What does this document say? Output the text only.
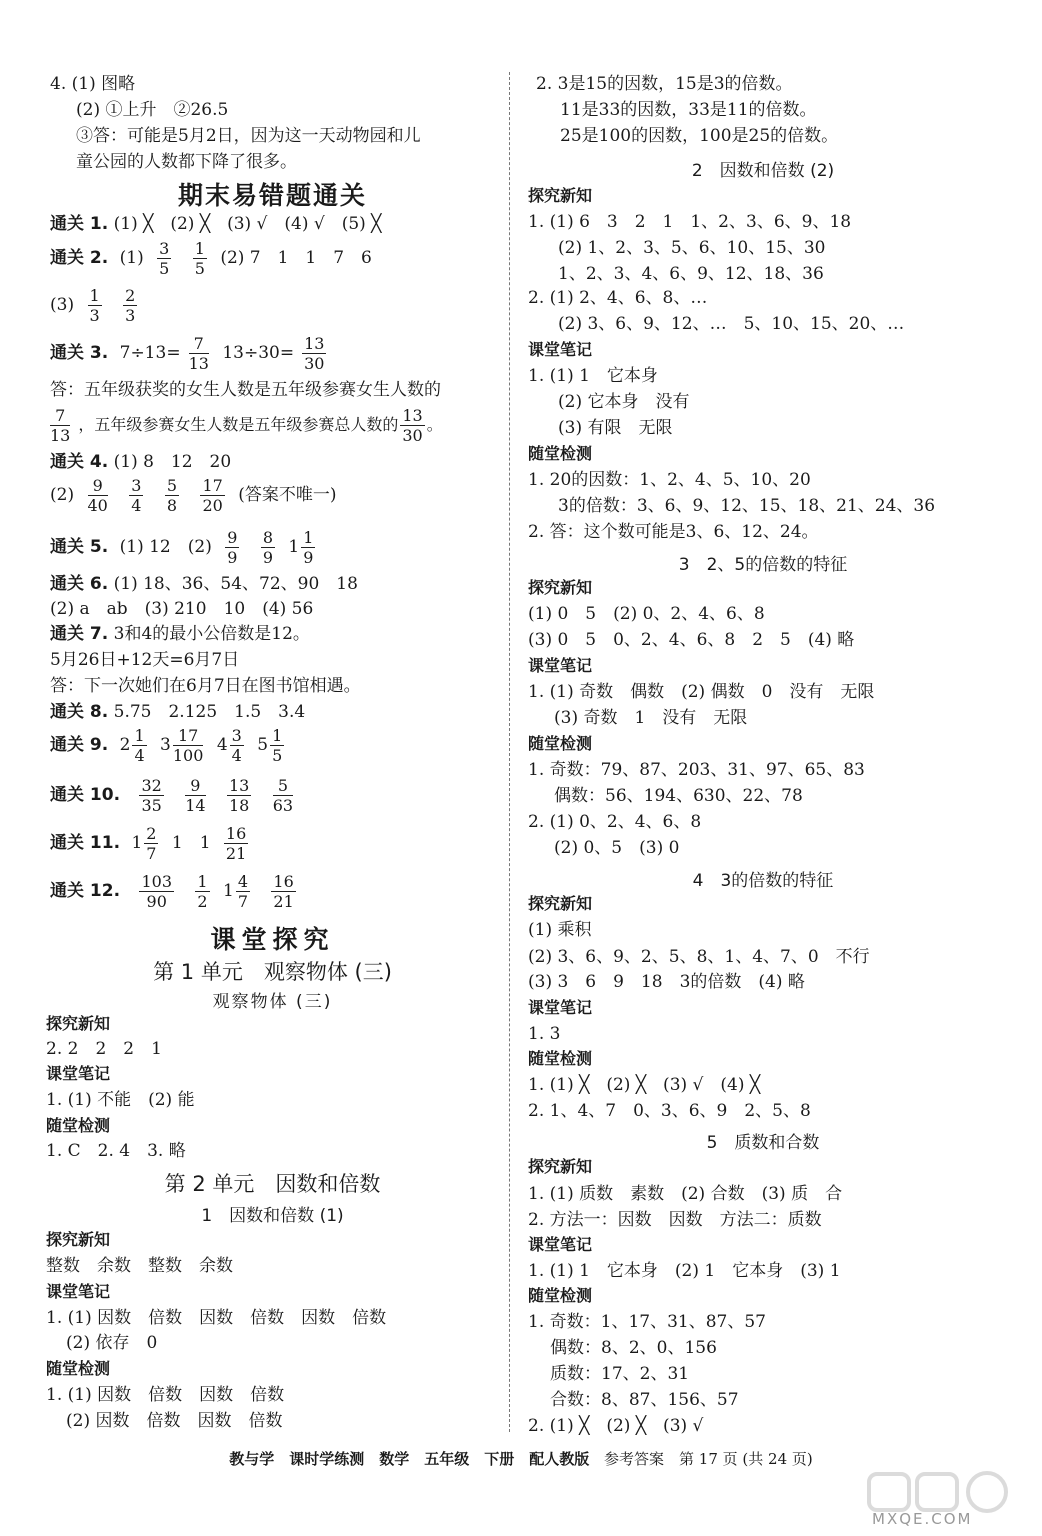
4. (1) 图略
(2) ①上升　②26.5
③答：可能是5月2日，因为这一天动物园和儿
童公园的人数都下降了很多。
期末易错题通关
通关 1. (1) ╳　(2) ╳　(3) √　(4) √　(5) ╳
通关 2. $(1) \frac{3}{5}$
$\frac{1}{5} (2)$ 7　1　1　7　6
$(3) \frac{1}{3}$
$\frac{2}{3}$
通关 3. $7\div 13= \frac{7}{13} 13\div 30= \frac{13}{30}$
答：五年级获奖的女生人数是五年级参赛女生人数的
$\frac{7}{13}$ ，五年级参赛女生人数是五年级参赛总人数的 $\frac{13}{30}$ 。
通关 4. (1) 8　12　20
$(2) \frac{9}{40}$
$\frac{3}{4}$
$\frac{5}{8}$
$\frac{17}{20}$ (答案不唯一)
通关 5. (1) 12　$(2) \frac{9}{9}$
$\frac{8}{9} 1 \frac{1}{9}$
通关 6. (1) 18、36、54、72、90　18
(2) a　ab　(3) 210　10　(4) 56
通关 7. 3和4的最小公倍数是12。
5月26日+12天=6月7日
答：下一次她们在6月7日在图书馆相遇。
通关 8. 5.75　2.125　1.5　3.4
通关 9. $2 \frac{1}{4} 3 \frac{17}{100} 4 \frac{3}{4} 5 \frac{1}{5}$
通关 10. $\frac{32}{35}$
$\frac{9}{14}$
$\frac{13}{18}$
$\frac{5}{63}$
通关 11. $1 \frac{2}{7} 1$　$1 \frac{16}{21}$
通关 12. $\frac{103}{90}$
$\frac{1}{2} 1 \frac{4}{7}$
$\frac{16}{21}$
课堂探究
第 1 单元　观察物体 (三)
观察物体 (三)
探究新知
2. 2　2　2　1
课堂笔记
1. (1) 不能　(2) 能
随堂检测
1. C　2. 4　3. 略
第 2 单元　因数和倍数
1　因数和倍数 (1)
探究新知
整数　余数　整数　余数
课堂笔记
1. (1) 因数　倍数　因数　倍数　因数　倍数
(2) 依存　0
随堂检测
1. (1) 因数　倍数　因数　倍数
(2) 因数　倍数　因数　倍数
2. 3是15的因数，15是3的倍数。
11是33的因数，33是11的倍数。
25是100的因数，100是25的倍数。
2　因数和倍数 (2)
探究新知
1. (1) 6　3　2　1　1、2、3、6、9、18
(2) 1、2、3、5、6、10、15、30
1、2、3、4、6、9、12、18、36
2. (1) 2、4、6、8、…
(2) 3、6、9、12、…　5、10、15、20、…
课堂笔记
1. (1) 1　它本身
(2) 它本身　没有
(3) 有限　无限
随堂检测
1. 20的因数：1、2、4、5、10、20
3的倍数：3、6、9、12、15、18、21、24、36
2. 答：这个数可能是3、6、12、24。
3　2、5的倍数的特征
探究新知
(1) 0　5　(2) 0、2、4、6、8
(3) 0　5　0、2、4、6、8　2　5　(4) 略
课堂笔记
1. (1) 奇数　偶数　(2) 偶数　0　没有　无限
(3) 奇数　1　没有　无限
随堂检测
1. 奇数：79、87、203、31、97、65、83
偶数：56、194、630、22、78
2. (1) 0、2、4、6、8
(2) 0、5　(3) 0
4　3的倍数的特征
探究新知
(1) 乘积
(2) 3、6、9、2、5、8、1、4、7、0　不行
(3) 3　6　9　18　3的倍数　(4) 略
课堂笔记
1. 3
随堂检测
1. (1) ╳　(2) ╳　(3) √　(4) ╳
2. 1、4、7　0、3、6、9　2、5、8
5　质数和合数
探究新知
1. (1) 质数　素数　(2) 合数　(3) 质　合
2. 方法一：因数　因数　方法二：质数
课堂笔记
1. (1) 1　它本身　(2) 1　它本身　(3) 1
随堂检测
1. 奇数：1、17、31、87、57
偶数：8、2、0、156
质数：17、2、31
合数：8、87、156、57
2. (1) ╳　(2) ╳　(3) √
教与学　课时学练测　数学　五年级　下册　配人教版 参考答案　第 17 页 (共 24 页)
MXQE.COM
